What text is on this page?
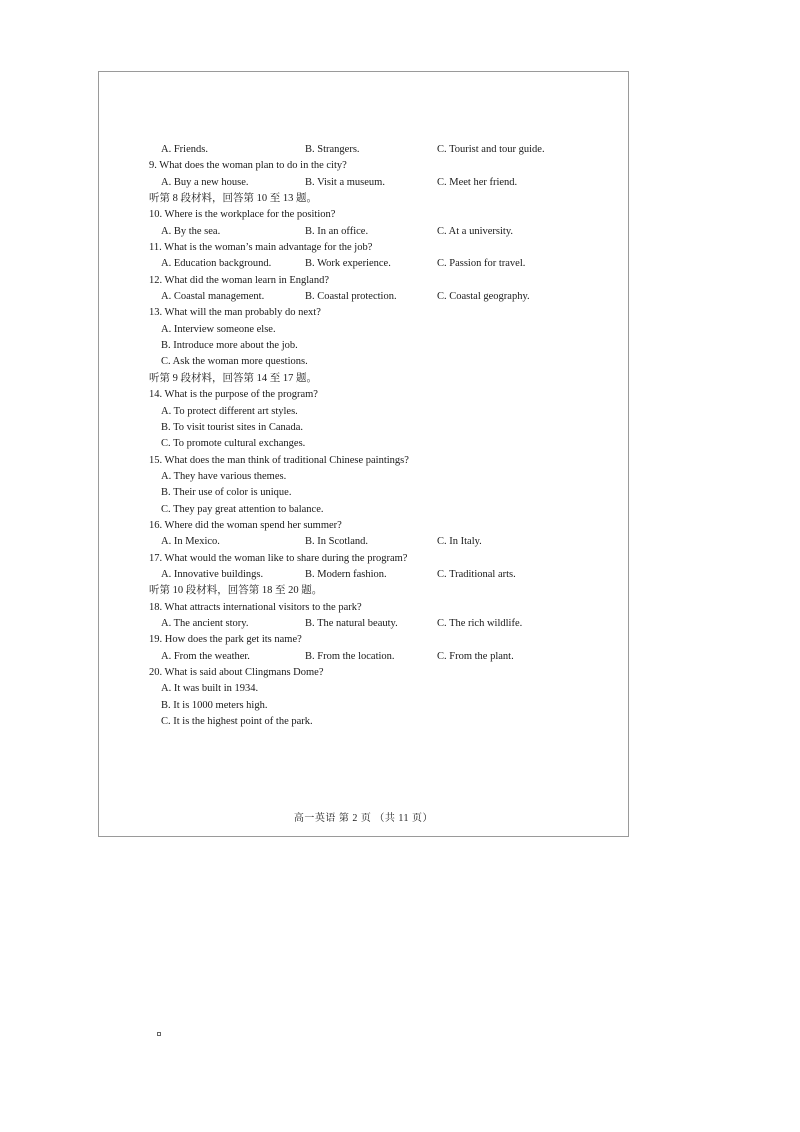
A. Friends.	B. Strangers.	C. Tourist and tour guide.
9. What does the woman plan to do in the city?
A. Buy a new house.	B. Visit a museum.	C. Meet her friend.
听第 8 段材料，回答第 10 至 13 题。
10. Where is the workplace for the position?
A. By the sea.	B. In an office.	C. At a university.
11. What is the woman’s main advantage for the job?
A. Education background.	B. Work experience.	C. Passion for travel.
12. What did the woman learn in England?
A. Coastal management.	B. Coastal protection.	C. Coastal geography.
13. What will the man probably do next?
A. Interview someone else.
B. Introduce more about the job.
C. Ask the woman more questions.
听第 9 段材料，回答第 14 至 17 题。
14. What is the purpose of the program?
A. To protect different art styles.
B. To visit tourist sites in Canada.
C. To promote cultural exchanges.
15. What does the man think of traditional Chinese paintings?
A. They have various themes.
B. Their use of color is unique.
C. They pay great attention to balance.
16. Where did the woman spend her summer?
A. In Mexico.	B. In Scotland.	C. In Italy.
17. What would the woman like to share during the program?
A. Innovative buildings.	B. Modern fashion.	C. Traditional arts.
听第 10 段材料，回答第 18 至 20 题。
18. What attracts international visitors to the park?
A. The ancient story.	B. The natural beauty.	C. The rich wildlife.
19. How does the park get its name?
A. From the weather.	B. From the location.	C. From the plant.
20. What is said about Clingmans Dome?
A. It was built in 1934.
B. It is 1000 meters high.
C. It is the highest point of the park.
高一英语 第 2 页 （共 11 页）
